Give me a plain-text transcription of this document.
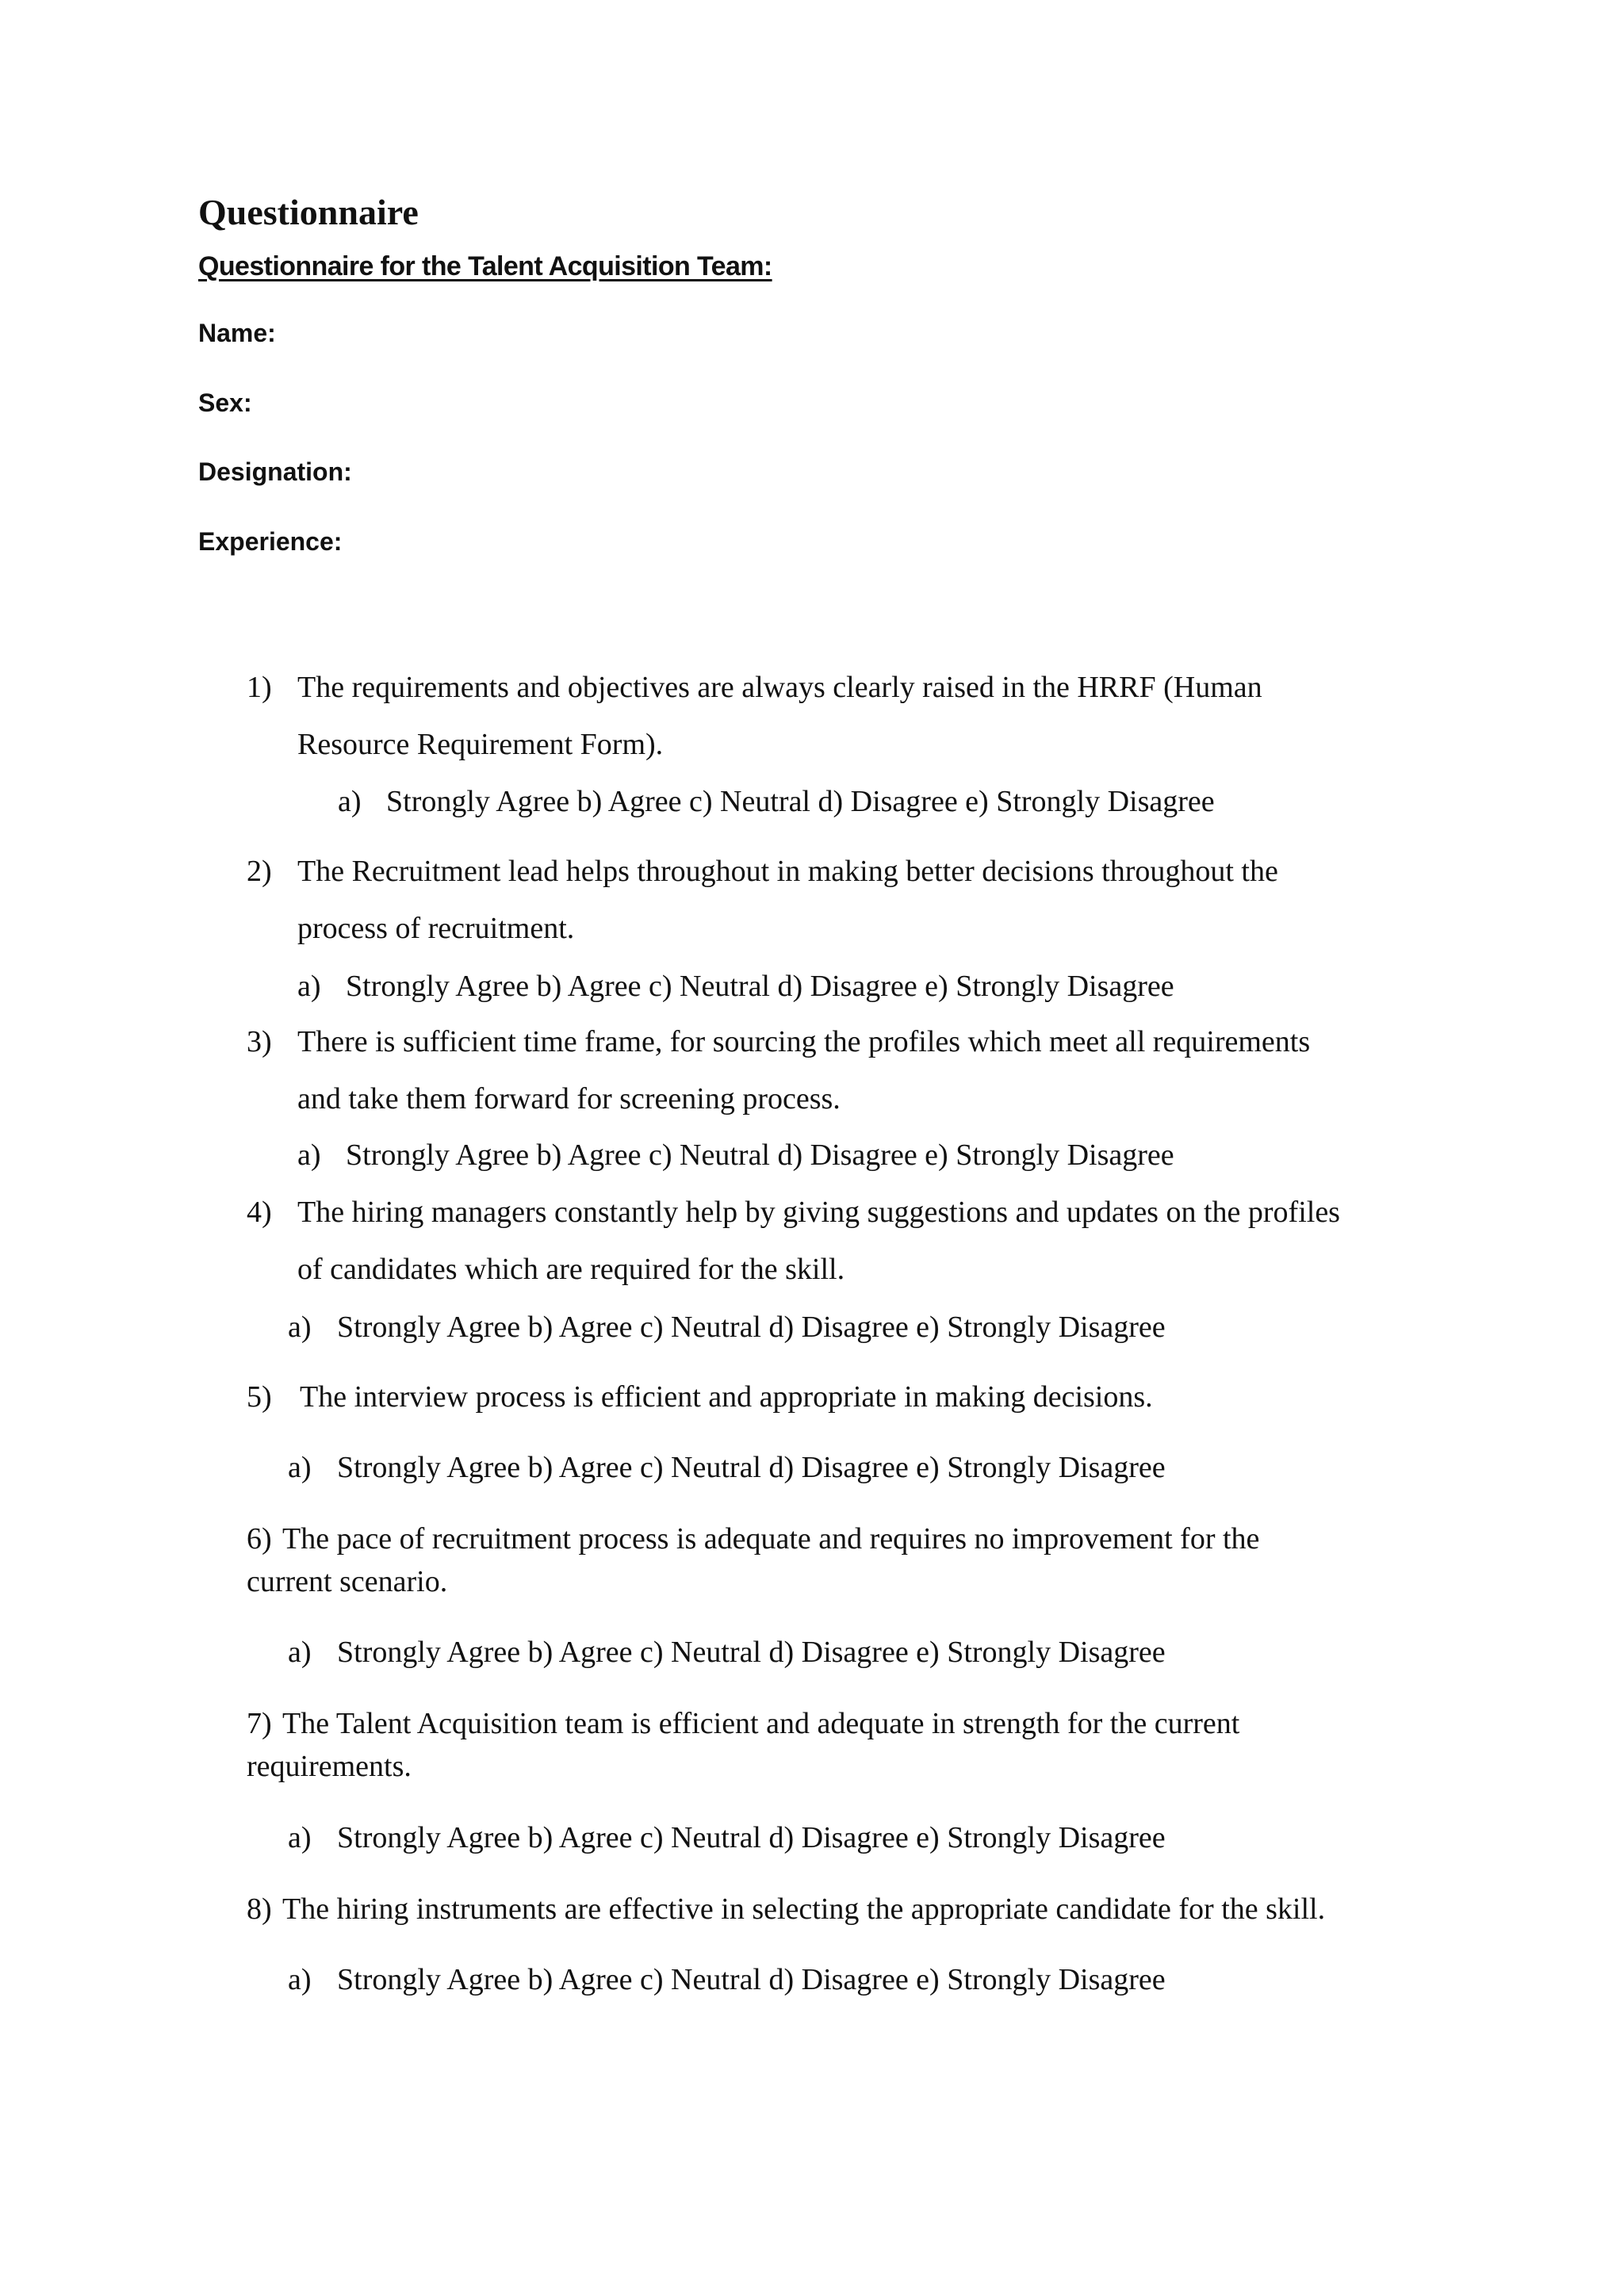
Questionnaire
Questionnaire for the Talent Acquisition Team:
Name:
Sex:
Designation:
Experience:
1) The requirements and objectives are always clearly raised in the HRRF (Human
Resource Requirement Form).
a) Strongly Agree b) Agree c) Neutral d) Disagree e) Strongly Disagree
2) The Recruitment lead helps throughout in making better decisions throughout the
process of recruitment.
a) Strongly Agree b) Agree c) Neutral d) Disagree e) Strongly Disagree
3) There is sufficient time frame, for sourcing the profiles which meet all requirements
and take them forward for screening process.
a) Strongly Agree b) Agree c) Neutral d) Disagree e) Strongly Disagree
4) The hiring managers constantly help by giving suggestions and updates on the profiles
of candidates which are required for the skill.
a) Strongly Agree b) Agree c) Neutral d) Disagree e) Strongly Disagree
5) The interview process is efficient and appropriate in making decisions.
a) Strongly Agree b) Agree c) Neutral d) Disagree e) Strongly Disagree
6) The pace of recruitment process is adequate and requires no improvement for the
current scenario.
a) Strongly Agree b) Agree c) Neutral d) Disagree e) Strongly Disagree
7) The Talent Acquisition team is efficient and adequate in strength for the current
requirements.
a) Strongly Agree b) Agree c) Neutral d) Disagree e) Strongly Disagree
8) The hiring instruments are effective in selecting the appropriate candidate for the skill.
a) Strongly Agree b) Agree c) Neutral d) Disagree e) Strongly Disagree
